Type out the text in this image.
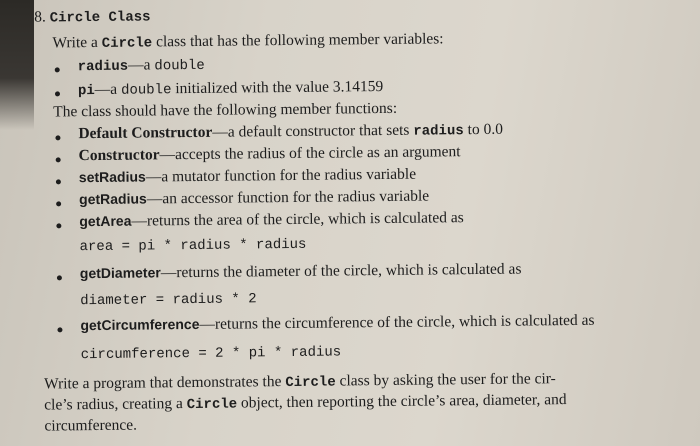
8. Circle Class
Write a Circle class that has the following member variables:
radius—a double
pi—a double initialized with the value 3.14159
The class should have the following member functions:
Default Constructor—a default constructor that sets radius to 0.0
Constructor—accepts the radius of the circle as an argument
setRadius—a mutator function for the radius variable
getRadius—an accessor function for the radius variable
getArea—returns the area of the circle, which is calculated as
area = pi * radius * radius
getDiameter—returns the diameter of the circle, which is calculated as
diameter = radius * 2
getCircumference—returns the circumference of the circle, which is calculated as
circumference = 2 * pi * radius
Write a program that demonstrates the Circle class by asking the user for the cir-
cle’s radius, creating a Circle object, then reporting the circle’s area, diameter, and
circumference.
